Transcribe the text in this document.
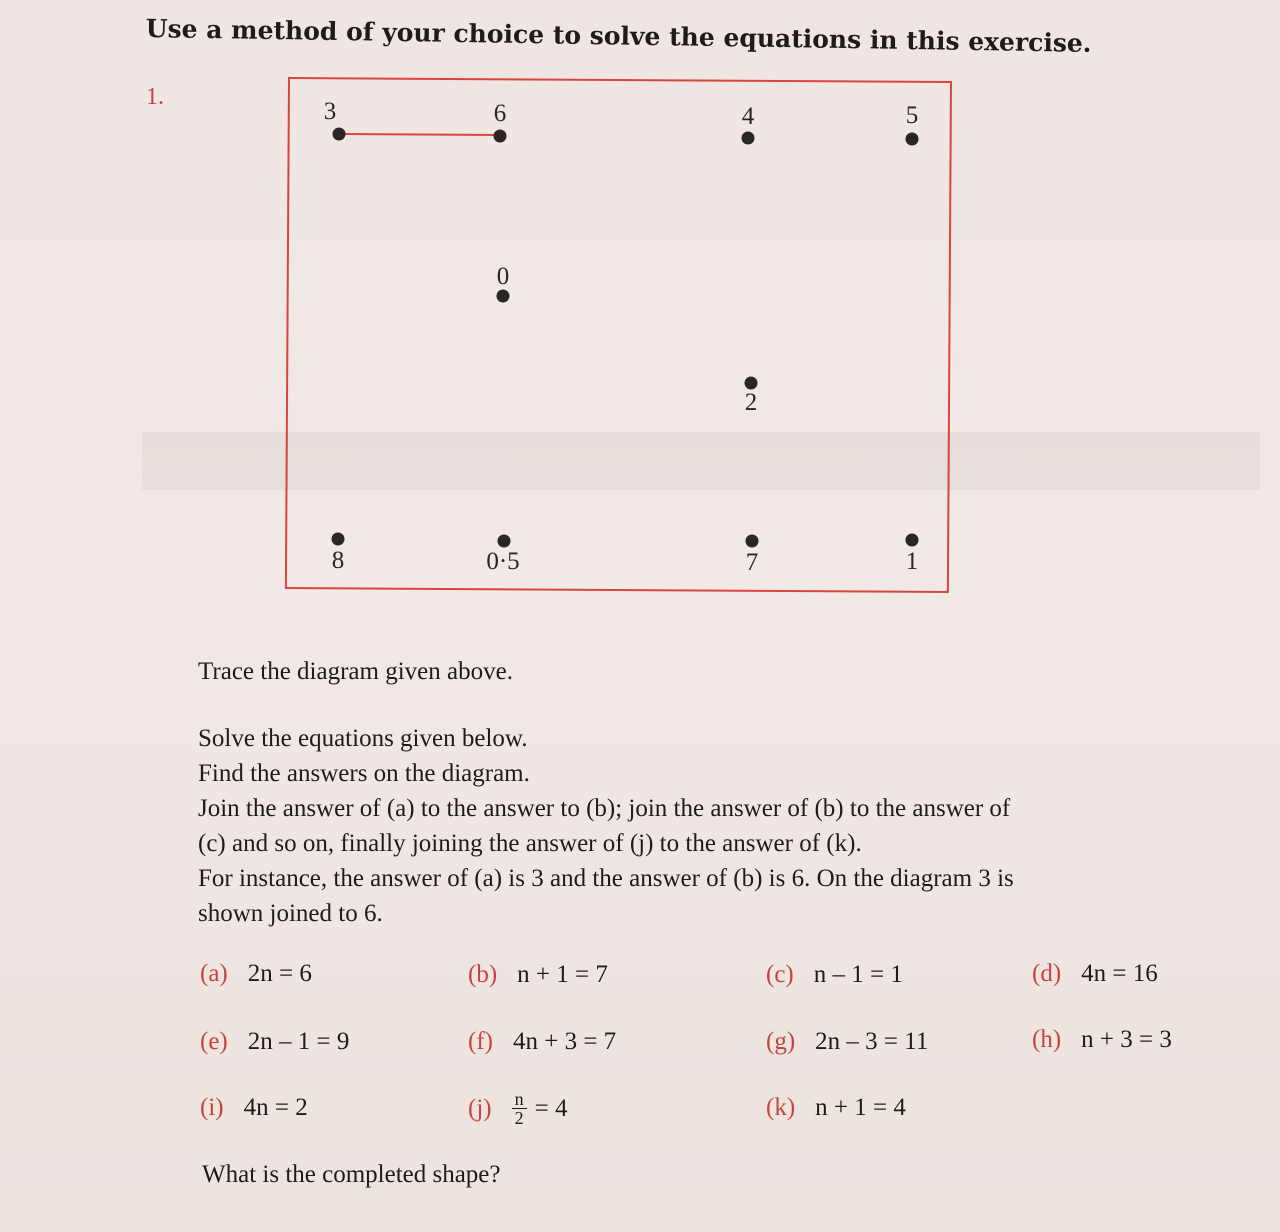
Use a method of your choice to solve the equations in this exercise.
1.
3	6	4	5
0
2
8	0·5	7	1
Trace the diagram given above.
Solve the equations given below.
Find the answers on the diagram.
Join the answer of (a) to the answer to (b); join the answer of (b) to the answer of
(c) and so on, finally joining the answer of (j) to the answer of (k).
For instance, the answer of (a) is 3 and the answer of (b) is 6. On the diagram 3 is
shown joined to 6.
(a) 2n = 6	(b) n + 1 = 7	(c) n – 1 = 1	(d) 4n = 16
(e) 2n – 1 = 9	(f) 4n + 3 = 7	(g) 2n – 3 = 11	(h) n + 3 = 3
(i) 4n = 2	$(j) \frac{n}{2} = 4$	(k) n + 1 = 4
What is the completed shape?
